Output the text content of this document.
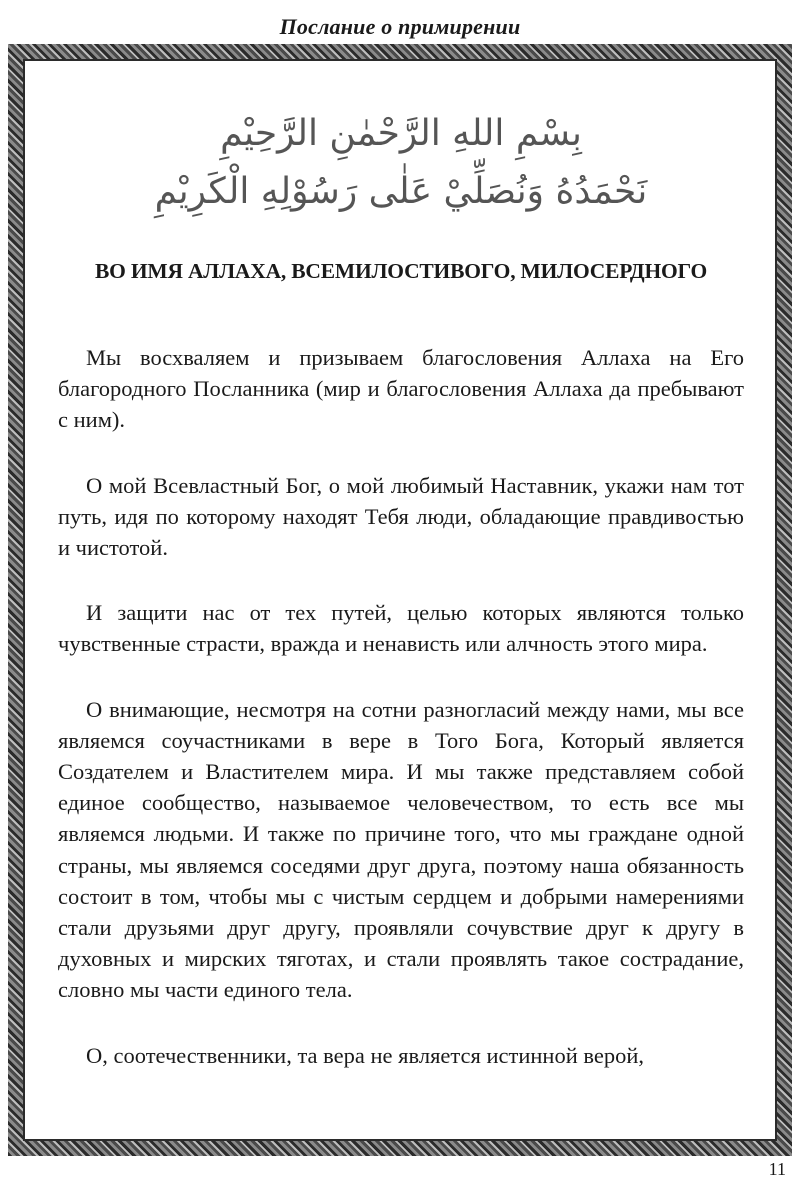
Послание о примирении
بِسْمِ اللهِ الرَّحْمٰنِ الرَّحِيْمِ
نَحْمَدُهُ وَنُصَلِّيْ عَلٰى رَسُوْلِهِ الْكَرِيْمِ
ВО ИМЯ АЛЛАХА, ВСЕМИЛОСТИВОГО, МИЛОСЕРДНОГО

Мы восхваляем и призываем благословения Аллаха на Его благородного Посланника (мир и благословения Аллаха да пребывают с ним).

О мой Всевластный Бог, о мой любимый Наставник, укажи нам тот путь, идя по которому находят Тебя люди, обладающие правдивостью и чистотой.

И защити нас от тех путей, целью которых являются только чувственные страсти, вражда и ненависть или алчность этого мира.

О внимающие, несмотря на сотни разногласий между нами, мы все являемся соучастниками в вере в Того Бога, Который является Создателем и Властителем мира. И мы также представляем собой единое сообщество, называемое человечеством, то есть все мы являемся людьми. И также по причине того, что мы граждане одной страны, мы являемся соседями друг друга, поэтому наша обязанность состоит в том, чтобы мы с чистым сердцем и добрыми намерениями стали друзьями друг другу, проявляли сочувствие друг к другу в духовных и мирских тяготах, и стали проявлять такое сострадание, словно мы части единого тела.

О, соотечественники, та вера не является истинной верой,

11
